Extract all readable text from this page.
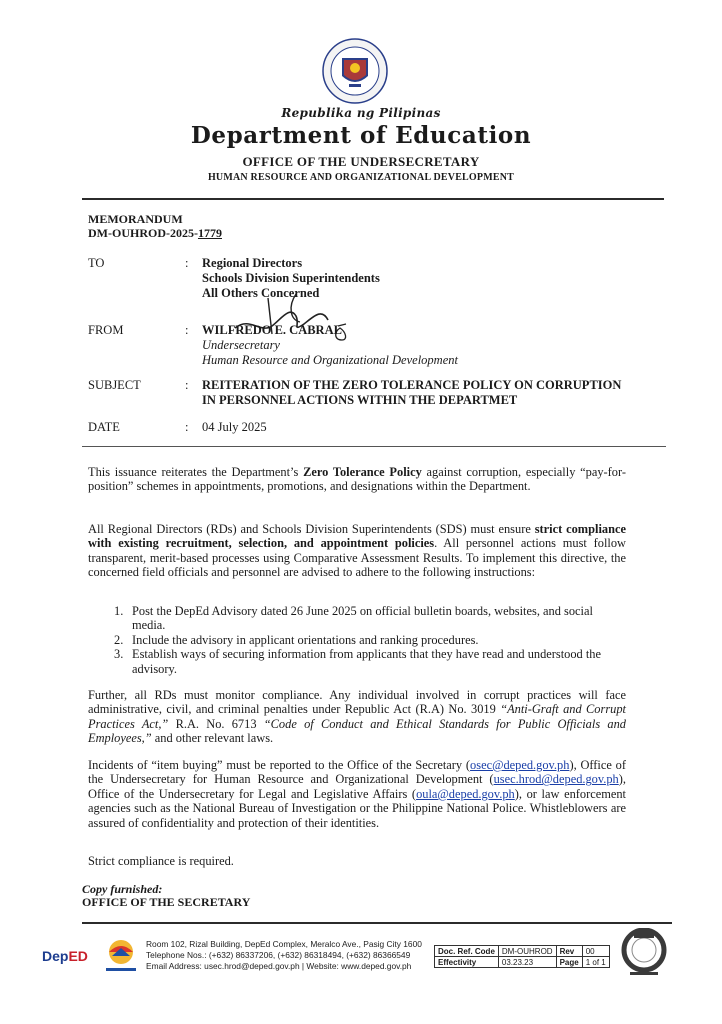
Republika ng Pilipinas
Department of Education
OFFICE OF THE UNDERSECRETARY
HUMAN RESOURCE AND ORGANIZATIONAL DEVELOPMENT
MEMORANDUM
DM-OUHROD-2025-1779
TO	: Regional Directors
Schools Division Superintendents
All Others Concerned
FROM	: WILFREDO E. CABRAL
Undersecretary
Human Resource and Organizational Development
SUBJECT	: REITERATION OF THE ZERO TOLERANCE POLICY ON CORRUPTION
IN PERSONNEL ACTIONS WITHIN THE DEPARTMET
DATE	: 04 July 2025

This issuance reiterates the Department’s Zero Tolerance Policy against corruption, especially “pay-for-position” schemes in appointments, promotions, and designations within the Department.

All Regional Directors (RDs) and Schools Division Superintendents (SDS) must ensure strict compliance with existing recruitment, selection, and appointment policies. All personnel actions must follow transparent, merit-based processes using Comparative Assessment Results. To implement this directive, the concerned field officials and personnel are advised to adhere to the following instructions:

1. Post the DepEd Advisory dated 26 June 2025 on official bulletin boards, websites, and social media.
2. Include the advisory in applicant orientations and ranking procedures.
3. Establish ways of securing information from applicants that they have read and understood the advisory.

Further, all RDs must monitor compliance. Any individual involved in corrupt practices will face administrative, civil, and criminal penalties under Republic Act (R.A) No. 3019 “Anti-Graft and Corrupt Practices Act,” R.A. No. 6713 “Code of Conduct and Ethical Standards for Public Officials and Employees,” and other relevant laws.

Incidents of “item buying” must be reported to the Office of the Secretary (osec@deped.gov.ph), Office of the Undersecretary for Human Resource and Organizational Development (usec.hrod@deped.gov.ph), Office of the Undersecretary for Legal and Legislative Affairs (oula@deped.gov.ph), or law enforcement agencies such as the National Bureau of Investigation or the Philippine National Police. Whistleblowers are assured of confidentiality and protection of their identities.

Strict compliance is required.
Copy furnished:
OFFICE OF THE SECRETARY
DepED
Room 102, Rizal Building, DepEd Complex, Meralco Ave., Pasig City 1600
Telephone Nos.: (+632) 86337206, (+632) 86318494, (+632) 86366549
Email Address: usec.hrod@deped.gov.ph | Website: www.deped.gov.ph
Doc. Ref. Code	DM-OUHROD	Rev	00
Effectivity	03.23.23	Page	1 of 1
